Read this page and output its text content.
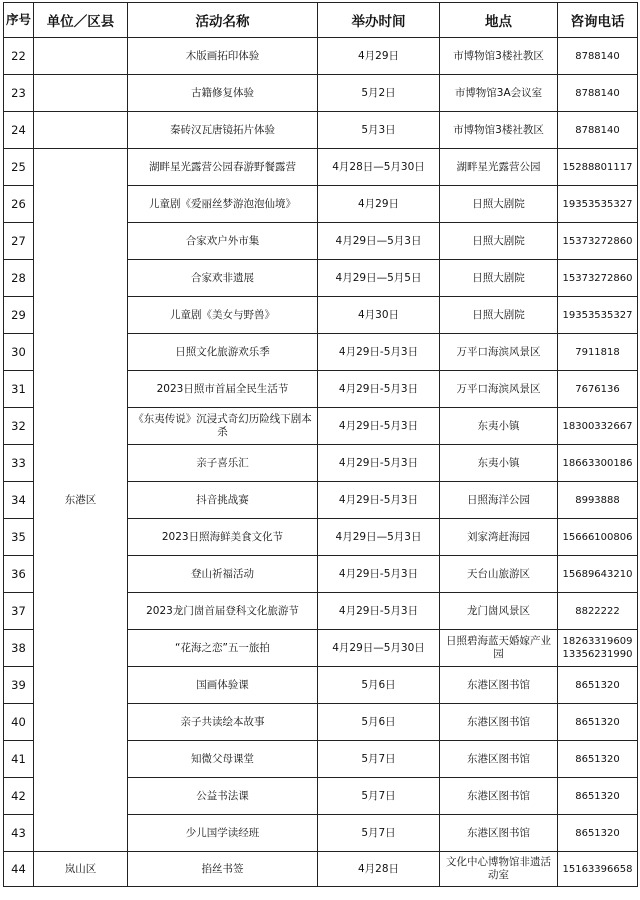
序号	单位／区县	活动名称	举办时间	地点	咨询电话
22		木版画拓印体验	4月29日	市博物馆3楼社教区	8788140
23		古籍修复体验	5月2日	市博物馆3A会议室	8788140
24		秦砖汉瓦唐镜拓片体验	5月3日	市博物馆3楼社教区	8788140
25	东港区	湖畔星光露营公园春游野餐露营	4月28日—5月30日	湖畔星光露营公园	15288801117
26		儿童剧《爱丽丝梦游泡泡仙境》	4月29日	日照大剧院	19353535327
27		合家欢户外市集	4月29日—5月3日	日照大剧院	15373272860
28		合家欢非遗展	4月29日—5月5日	日照大剧院	15373272860
29		儿童剧《美女与野兽》	4月30日	日照大剧院	19353535327
30		日照文化旅游欢乐季	4月29日-5月3日	万平口海滨风景区	7911818
31		2023日照市首届全民生活节	4月29日-5月3日	万平口海滨风景区	7676136
32		《东夷传说》沉浸式奇幻历险线下剧本杀	4月29日-5月3日	东夷小镇	18300332667
33		亲子喜乐汇	4月29日-5月3日	东夷小镇	18663300186
34		抖音挑战赛	4月29日-5月3日	日照海洋公园	8993888
35		2023日照海鲜美食文化节	4月29日—5月3日	刘家湾赶海园	15666100806
36		登山祈福活动	4月29日-5月3日	天台山旅游区	15689643210
37		2023龙门崮首届登科文化旅游节	4月29日-5月3日	龙门崮风景区	8822222
38		“花海之恋”五一旅拍	4月29日—5月30日	日照碧海蓝天婚嫁产业园	18263319609 13356231990
39		国画体验课	5月6日	东港区图书馆	8651320
40		亲子共读绘本故事	5月6日	东港区图书馆	8651320
41		知微父母课堂	5月7日	东港区图书馆	8651320
42		公益书法课	5月7日	东港区图书馆	8651320
43		少儿国学读经班	5月7日	东港区图书馆	8651320
44	岚山区	掐丝书签	4月28日	文化中心博物馆非遗活动室	15163396658
